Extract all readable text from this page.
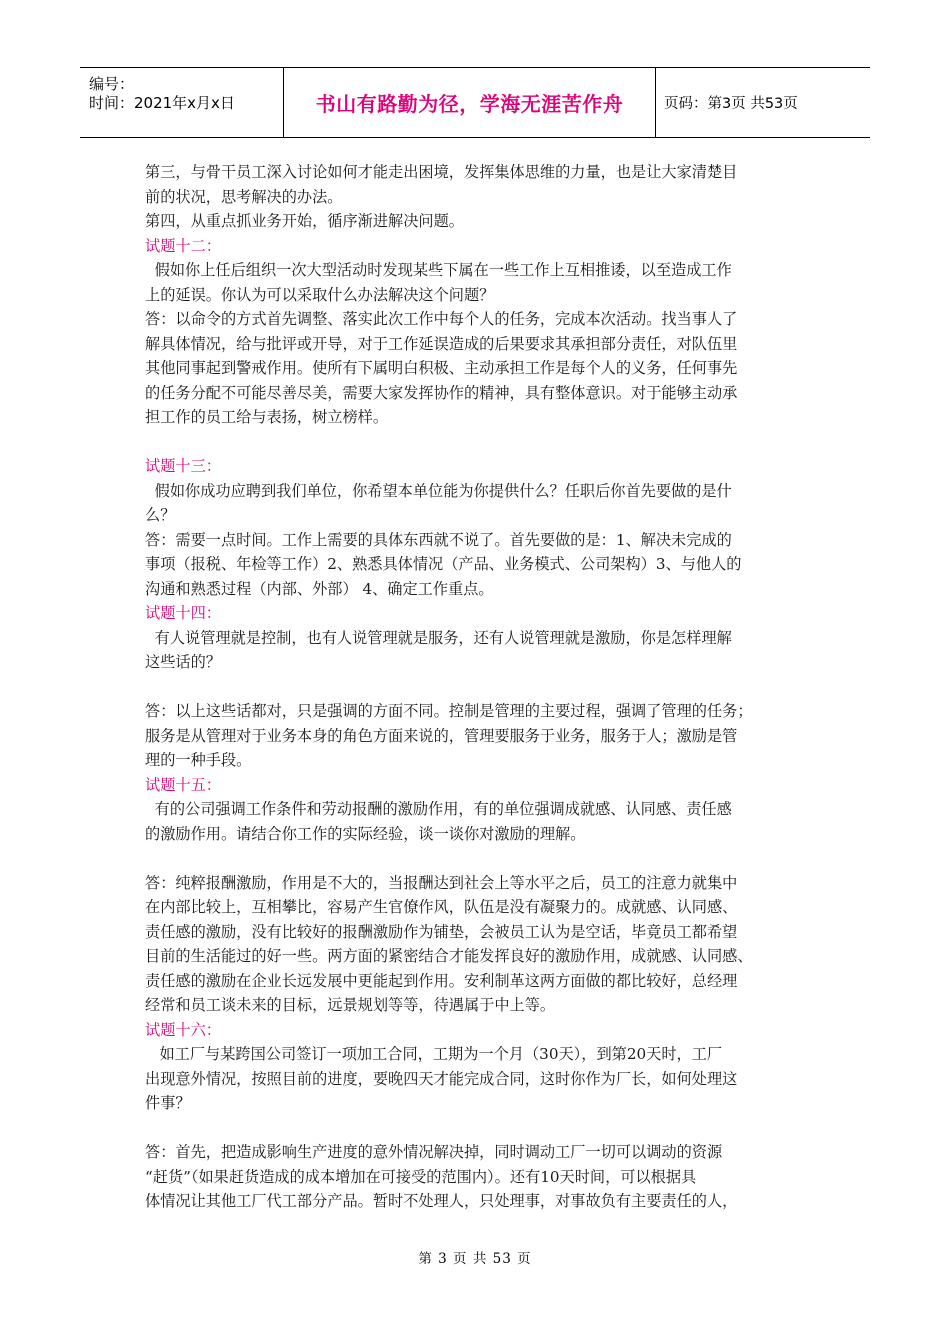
编号：
时间：2021年x月x日	书山有路勤为径，学海无涯苦作舟	页码：第3页 共53页
第三，与骨干员工深入讨论如何才能走出困境，发挥集体思维的力量，也是让大家清楚目
前的状况，思考解决的办法。
第四，从重点抓业务开始，循序渐进解决问题。
试题十二：
假如你上任后组织一次大型活动时发现某些下属在一些工作上互相推诿，以至造成工作
上的延误。你认为可以采取什么办法解决这个问题？
答：以命令的方式首先调整、落实此次工作中每个人的任务，完成本次活动。找当事人了
解具体情况，给与批评或开导，对于工作延误造成的后果要求其承担部分责任，对队伍里
其他同事起到警戒作用。使所有下属明白积极、主动承担工作是每个人的义务，任何事先
的任务分配不可能尽善尽美，需要大家发挥协作的精神，具有整体意识。对于能够主动承
担工作的员工给与表扬，树立榜样。
试题十三：
假如你成功应聘到我们单位，你希望本单位能为你提供什么？任职后你首先要做的是什
么？
答：需要一点时间。工作上需要的具体东西就不说了。首先要做的是：1、解决未完成的
事项（报税、年检等工作）2、熟悉具体情况（产品、业务模式、公司架构）3、与他人的
沟通和熟悉过程（内部、外部） 4、确定工作重点。
试题十四：
有人说管理就是控制，也有人说管理就是服务，还有人说管理就是激励，你是怎样理解
这些话的？
答：以上这些话都对，只是强调的方面不同。控制是管理的主要过程，强调了管理的任务；
服务是从管理对于业务本身的角色方面来说的，管理要服务于业务，服务于人；激励是管
理的一种手段。
试题十五：
有的公司强调工作条件和劳动报酬的激励作用，有的单位强调成就感、认同感、责任感
的激励作用。请结合你工作的实际经验，谈一谈你对激励的理解。
答：纯粹报酬激励，作用是不大的，当报酬达到社会上等水平之后，员工的注意力就集中
在内部比较上，互相攀比，容易产生官僚作风，队伍是没有凝聚力的。成就感、认同感、
责任感的激励，没有比较好的报酬激励作为铺垫，会被员工认为是空话，毕竟员工都希望
目前的生活能过的好一些。两方面的紧密结合才能发挥良好的激励作用，成就感、认同感、
责任感的激励在企业长远发展中更能起到作用。安利制革这两方面做的都比较好，总经理
经常和员工谈未来的目标，远景规划等等，待遇属于中上等。
试题十六：
如工厂与某跨国公司签订一项加工合同，工期为一个月（30天），到第20天时，工厂
出现意外情况，按照目前的进度，要晚四天才能完成合同，这时你作为厂长，如何处理这
件事？
答：首先，把造成影响生产进度的意外情况解决掉，同时调动工厂一切可以调动的资源
“赶货”（如果赶货造成的成本增加在可接受的范围内）。还有10天时间，可以根据具
体情况让其他工厂代工部分产品。暂时不处理人，只处理事，对事故负有主要责任的人，
第 3 页 共 53 页
